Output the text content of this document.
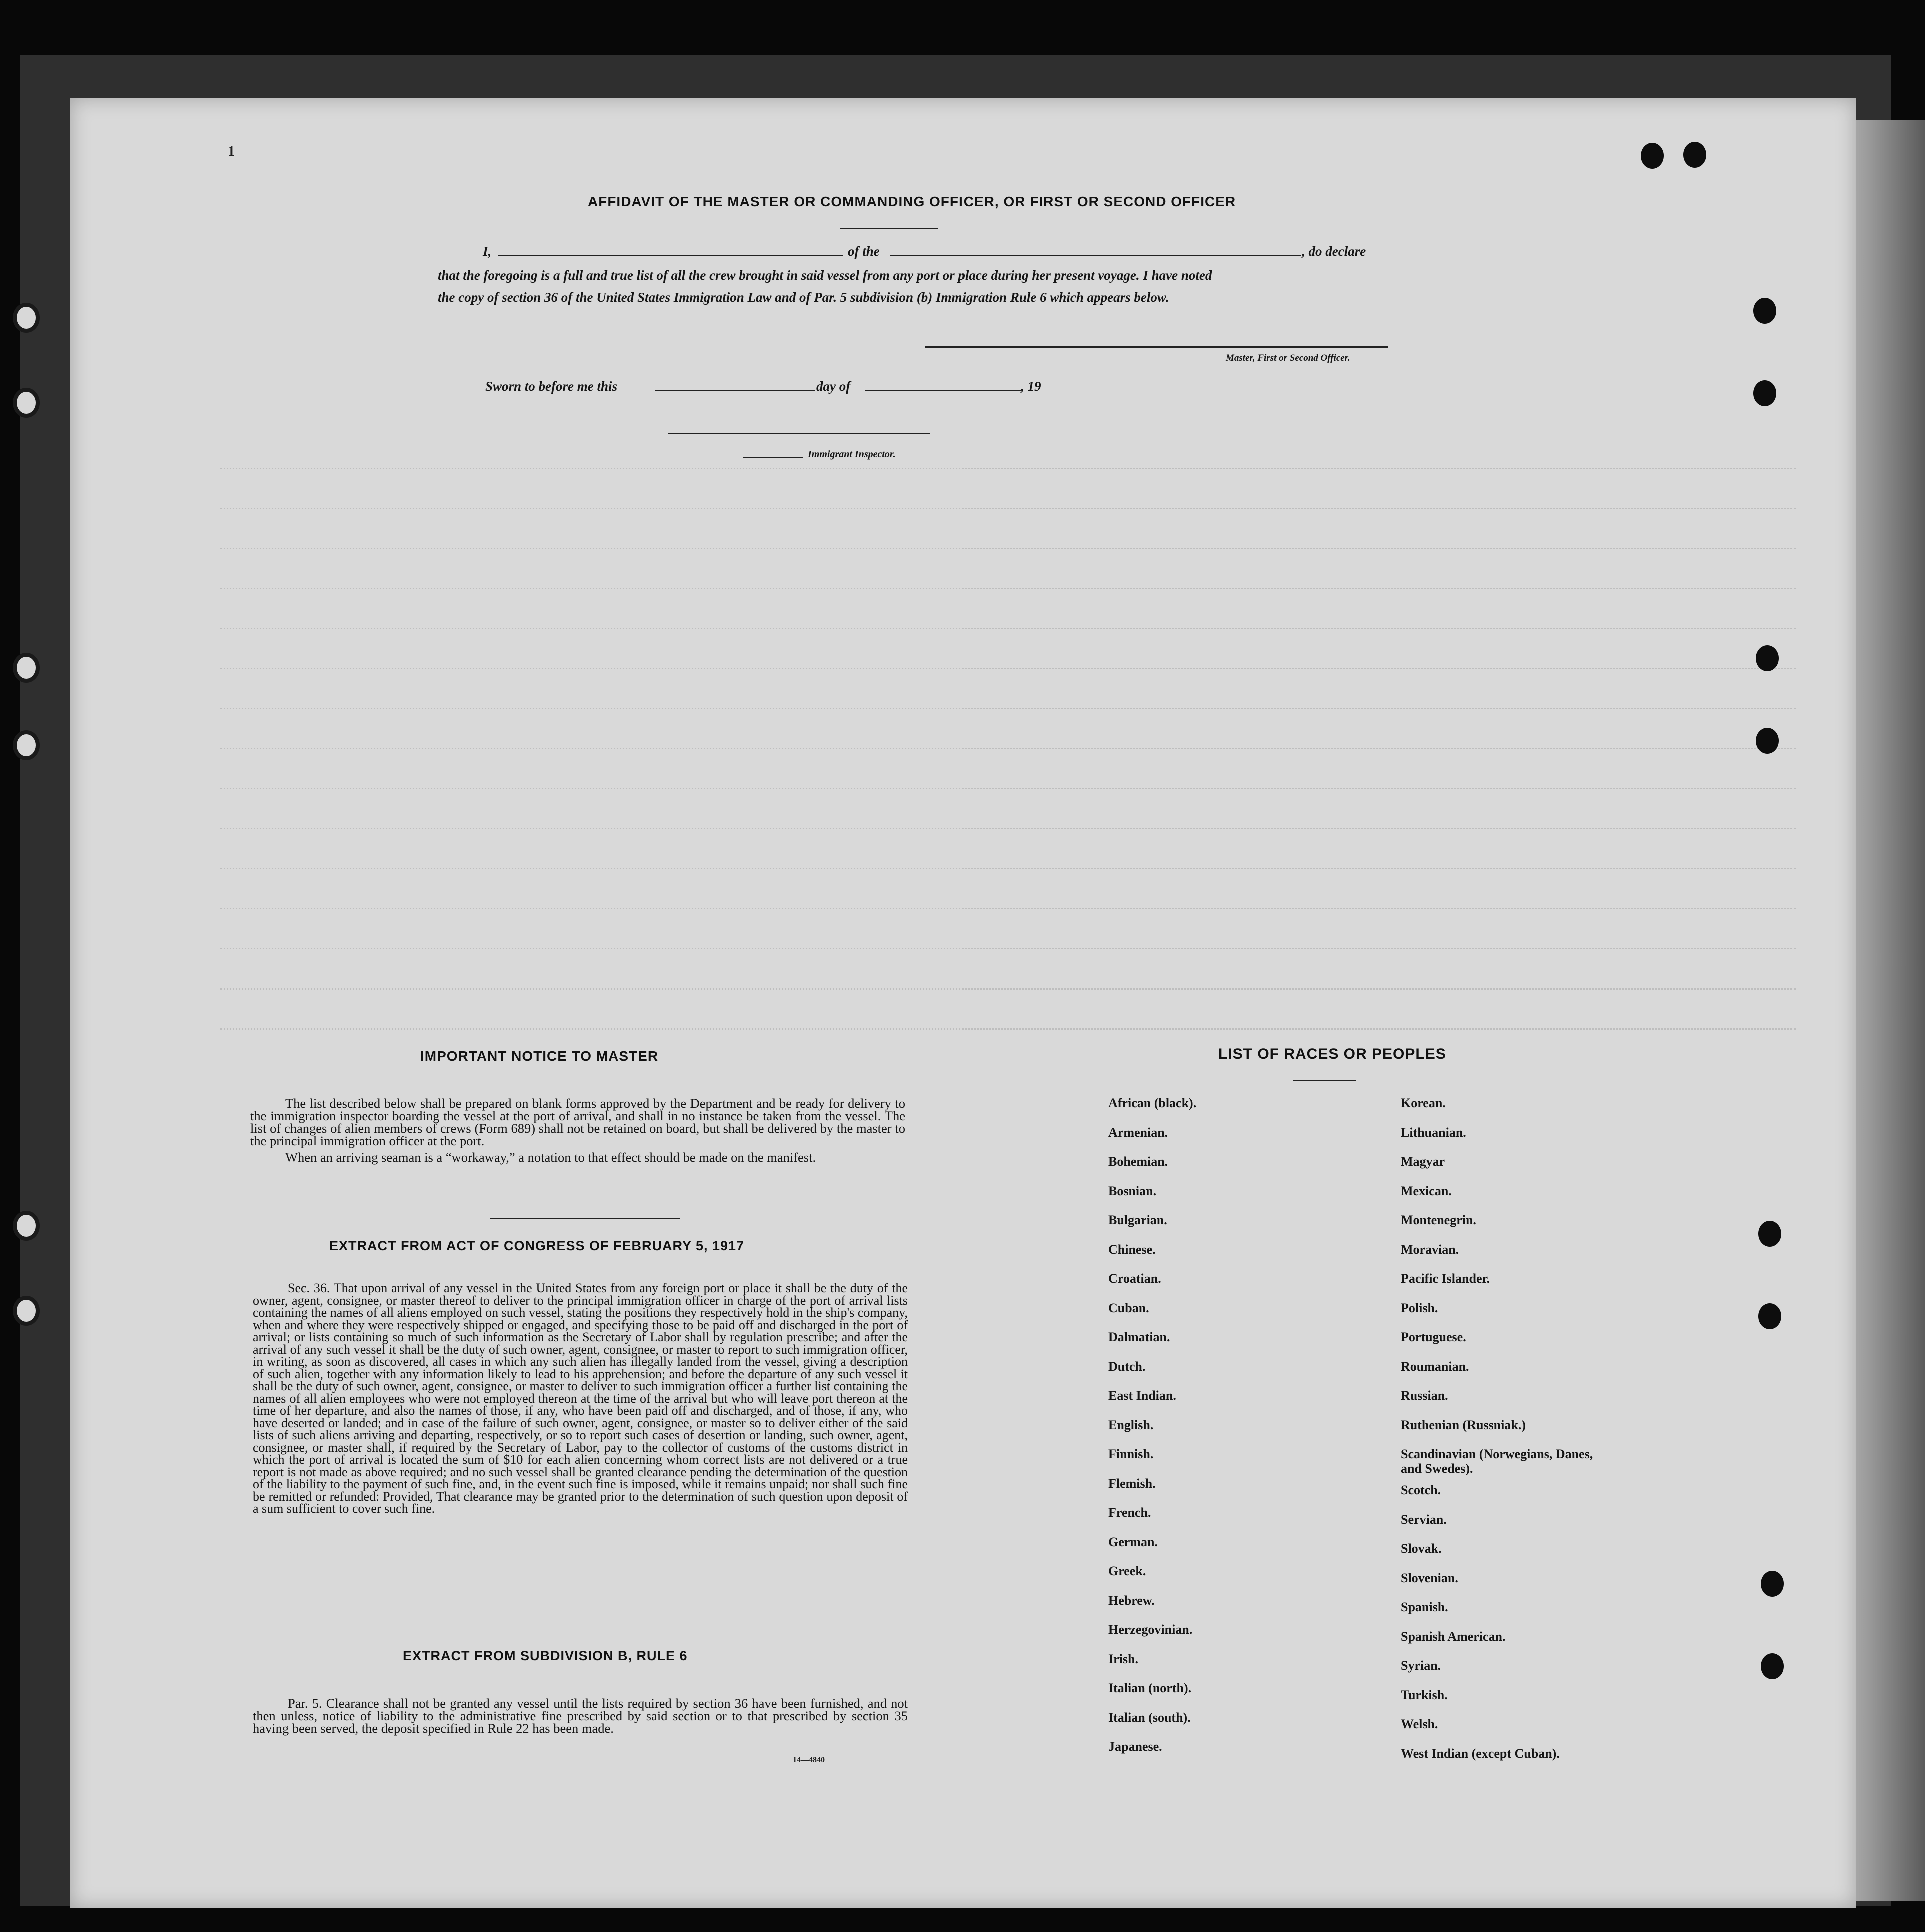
1
AFFIDAVIT OF THE MASTER OR COMMANDING OFFICER, OR FIRST OR SECOND OFFICER
I,	of the	, do declare
that the foregoing is a full and true list of all the crew brought in said vessel from any port or place during her present voyage. I have noted
the copy of section 36 of the United States Immigration Law and of Par. 5 subdivision (b) Immigration Rule 6 which appears below.
Master, First or Second Officer.
Sworn to before me this	day of	, 19
Immigrant Inspector.
IMPORTANT NOTICE TO MASTER

The list described below shall be prepared on blank forms approved by the Department and be ready for delivery to the immigration inspector boarding the vessel at the port of arrival, and shall in no instance be taken from the vessel. The list of changes of alien members of crews (Form 689) shall not be retained on board, but shall be delivered by the master to the principal immigration officer at the port.

When an arriving seaman is a “workaway,” a notation to that effect should be made on the manifest.

EXTRACT FROM ACT OF CONGRESS OF FEBRUARY 5, 1917

Sec. 36. That upon arrival of any vessel in the United States from any foreign port or place it shall be the duty of the owner, agent, consignee, or master thereof to deliver to the principal immigration officer in charge of the port of arrival lists containing the names of all aliens employed on such vessel, stating the positions they respectively hold in the ship's company, when and where they were respectively shipped or engaged, and specifying those to be paid off and discharged in the port of arrival; or lists containing so much of such information as the Secretary of Labor shall by regulation prescribe; and after the arrival of any such vessel it shall be the duty of such owner, agent, consignee, or master to report to such immigration officer, in writing, as soon as discovered, all cases in which any such alien has illegally landed from the vessel, giving a description of such alien, together with any information likely to lead to his apprehension; and before the departure of any such vessel it shall be the duty of such owner, agent, consignee, or master to deliver to such immigration officer a further list containing the names of all alien employees who were not employed thereon at the time of the arrival but who will leave port thereon at the time of her departure, and also the names of those, if any, who have been paid off and discharged, and of those, if any, who have deserted or landed; and in case of the failure of such owner, agent, consignee, or master so to deliver either of the said lists of such aliens arriving and departing, respectively, or so to report such cases of desertion or landing, such owner, agent, consignee, or master shall, if required by the Secretary of Labor, pay to the collector of customs of the customs district in which the port of arrival is located the sum of $10 for each alien concerning whom correct lists are not delivered or a true report is not made as above required; and no such vessel shall be granted clearance pending the determination of the question of the liability to the payment of such fine, and, in the event such fine is imposed, while it remains unpaid; nor shall such fine be remitted or refunded: Provided, That clearance may be granted prior to the determination of such question upon deposit of a sum sufficient to cover such fine.

EXTRACT FROM SUBDIVISION B, RULE 6

Par. 5. Clearance shall not be granted any vessel until the lists required by section 36 have been furnished, and not then unless, notice of liability to the administrative fine prescribed by said section or to that prescribed by section 35 having been served, the deposit specified in Rule 22 has been made.

14—4840
LIST OF RACES OR PEOPLES
African (black).
Armenian.
Bohemian.
Bosnian.
Bulgarian.
Chinese.
Croatian.
Cuban.
Dalmatian.
Dutch.
East Indian.
English.
Finnish.
Flemish.
French.
German.
Greek.
Hebrew.
Herzegovinian.
Irish.
Italian (north).
Italian (south).
Japanese.
Korean.
Lithuanian.
Magyar
Mexican.
Montenegrin.
Moravian.
Pacific Islander.
Polish.
Portuguese.
Roumanian.
Russian.
Ruthenian (Russniak.)
Scandinavian (Norwegians, Danes, and Swedes).
Scotch.
Servian.
Slovak.
Slovenian.
Spanish.
Spanish American.
Syrian.
Turkish.
Welsh.
West Indian (except Cuban).
